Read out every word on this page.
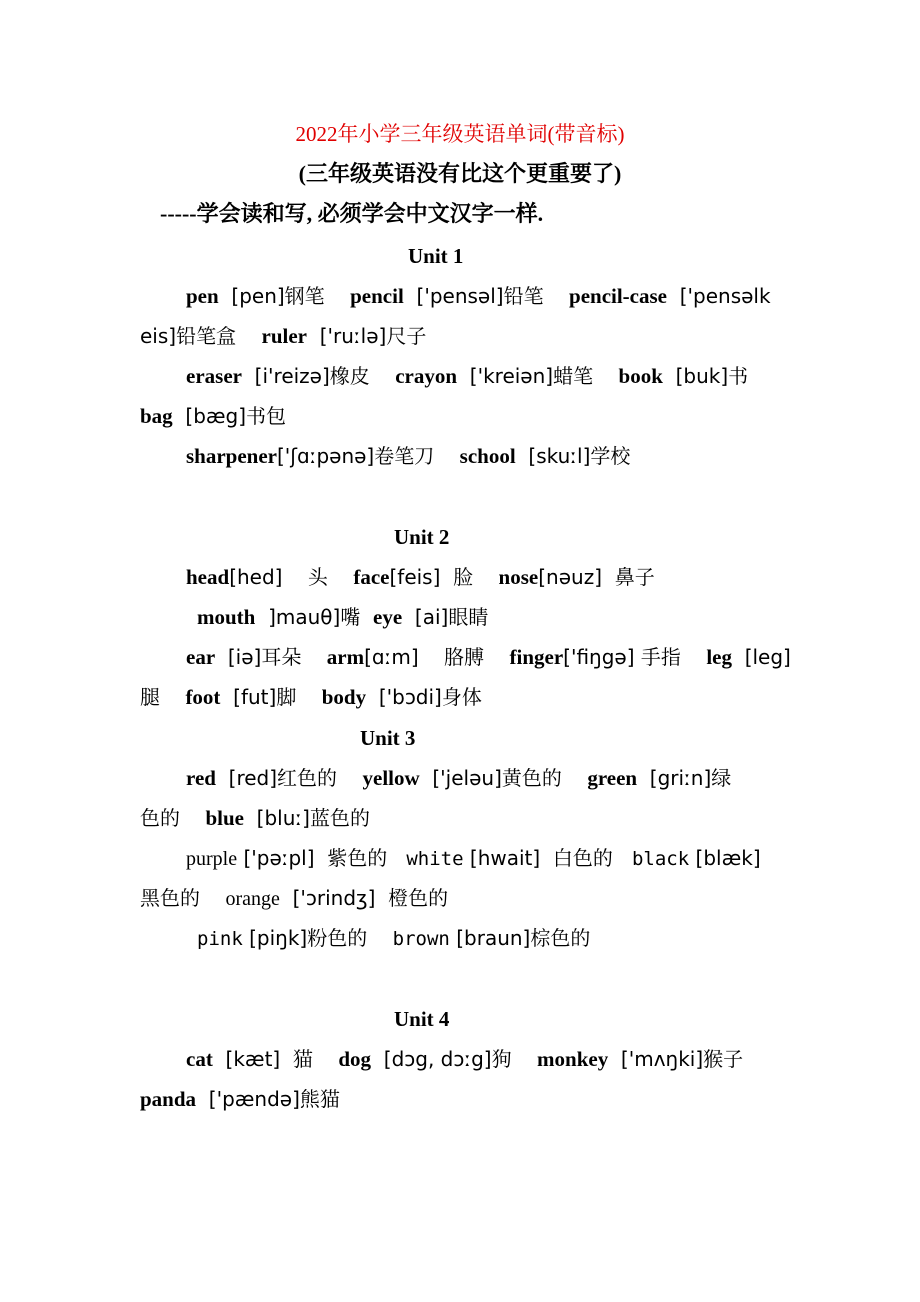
2022年小学三年级英语单词(带音标)
(三年级英语没有比这个更重要了)
-----学会读和写, 必须学会中文汉字一样.
Unit 1
pen  [pen]钢笔    pencil  ['pensəl]铅笔    pencil-case  ['pensəlk
eis]铅笔盒    ruler  ['ruːlə]尺子
eraser  [i'reizə]橡皮    crayon  ['kreiən]蜡笔    book  [buk]书
bag  [bæg]书包
sharpener['ʃɑːpənə]卷笔刀    school  [skuːl]学校
Unit 2
head[hed]    头    face[feis]  脸    nose[nəuz]  鼻子
mouth  ]mauθ]嘴  eye  [ai]眼睛
ear  [iə]耳朵    arm[ɑːm]    胳膊    finger['fiŋgə] 手指    leg  [leg]
腿    foot  [fut]脚    body  ['bɔdi]身体
Unit 3
red  [red]红色的    yellow  ['jeləu]黄色的    green  [griːn]绿
色的    blue  [bluː]蓝色的
purple ['pəːpl]  紫色的   white [hwait]  白色的   black [blæk]
黑色的    orange  ['ɔrindʒ]  橙色的
pink [piŋk]粉色的    brown [braun]棕色的
Unit 4
cat  [kæt]  猫    dog  [dɔg, dɔːg]狗    monkey  ['mʌŋki]猴子
panda  ['pændə]熊猫
